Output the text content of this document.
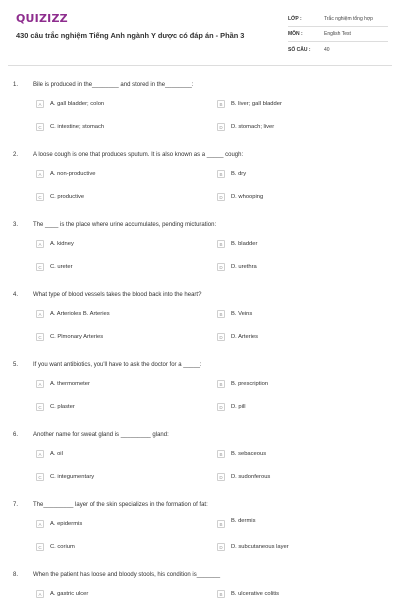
QUIZIZZ
430 câu trắc nghiệm Tiếng Anh ngành Y dược có đáp án - Phần 3
LỚP :	Trắc nghiệm tổng hợp
MÔN :	English Test
SỐ CÂU :	40
1. Bile is produced in the________ and stored in the________:
A	A. gall bladder; colon	B	B. liver; gall bladder
C	C. intestine; stomach	D	D. stomach; liver
2. A loose cough is one that produces sputum. It is also known as a _____ cough:
A	A. non-productive	B	B. dry
C	C. productive	D	D. whooping
3. The ____ is the place where urine accumulates, pending micturation:
A	A. kidney	B	B. bladder
C	C. ureter	D	D. urethra
4. What type of blood vessels takes the blood back into the heart?
A	A. Arterioles B. Arteries	B	B. Veins
C	C. Plmonary Arteries	D	D. Arteries
5. If you want antibiotics, you'll have to ask the doctor for a _____:
A	A. thermometer	B	B. prescription
C	C. plaster	D	D. pill
6. Another name for sweat gland is _________ gland:
A	A. oil	B	B. sebaceous
C	C. integumentary	D	D. sudonferous
7. The_________ layer of the skin specializes in the formation of fat:
A	A. epidermis	B	B. dermis
C	C. corium	D	D. subcutaneous layer
8. When the patient has loose and bloody stools, his condition is_______
A	A. gastric ulcer	B	B. ulcerative colitis
